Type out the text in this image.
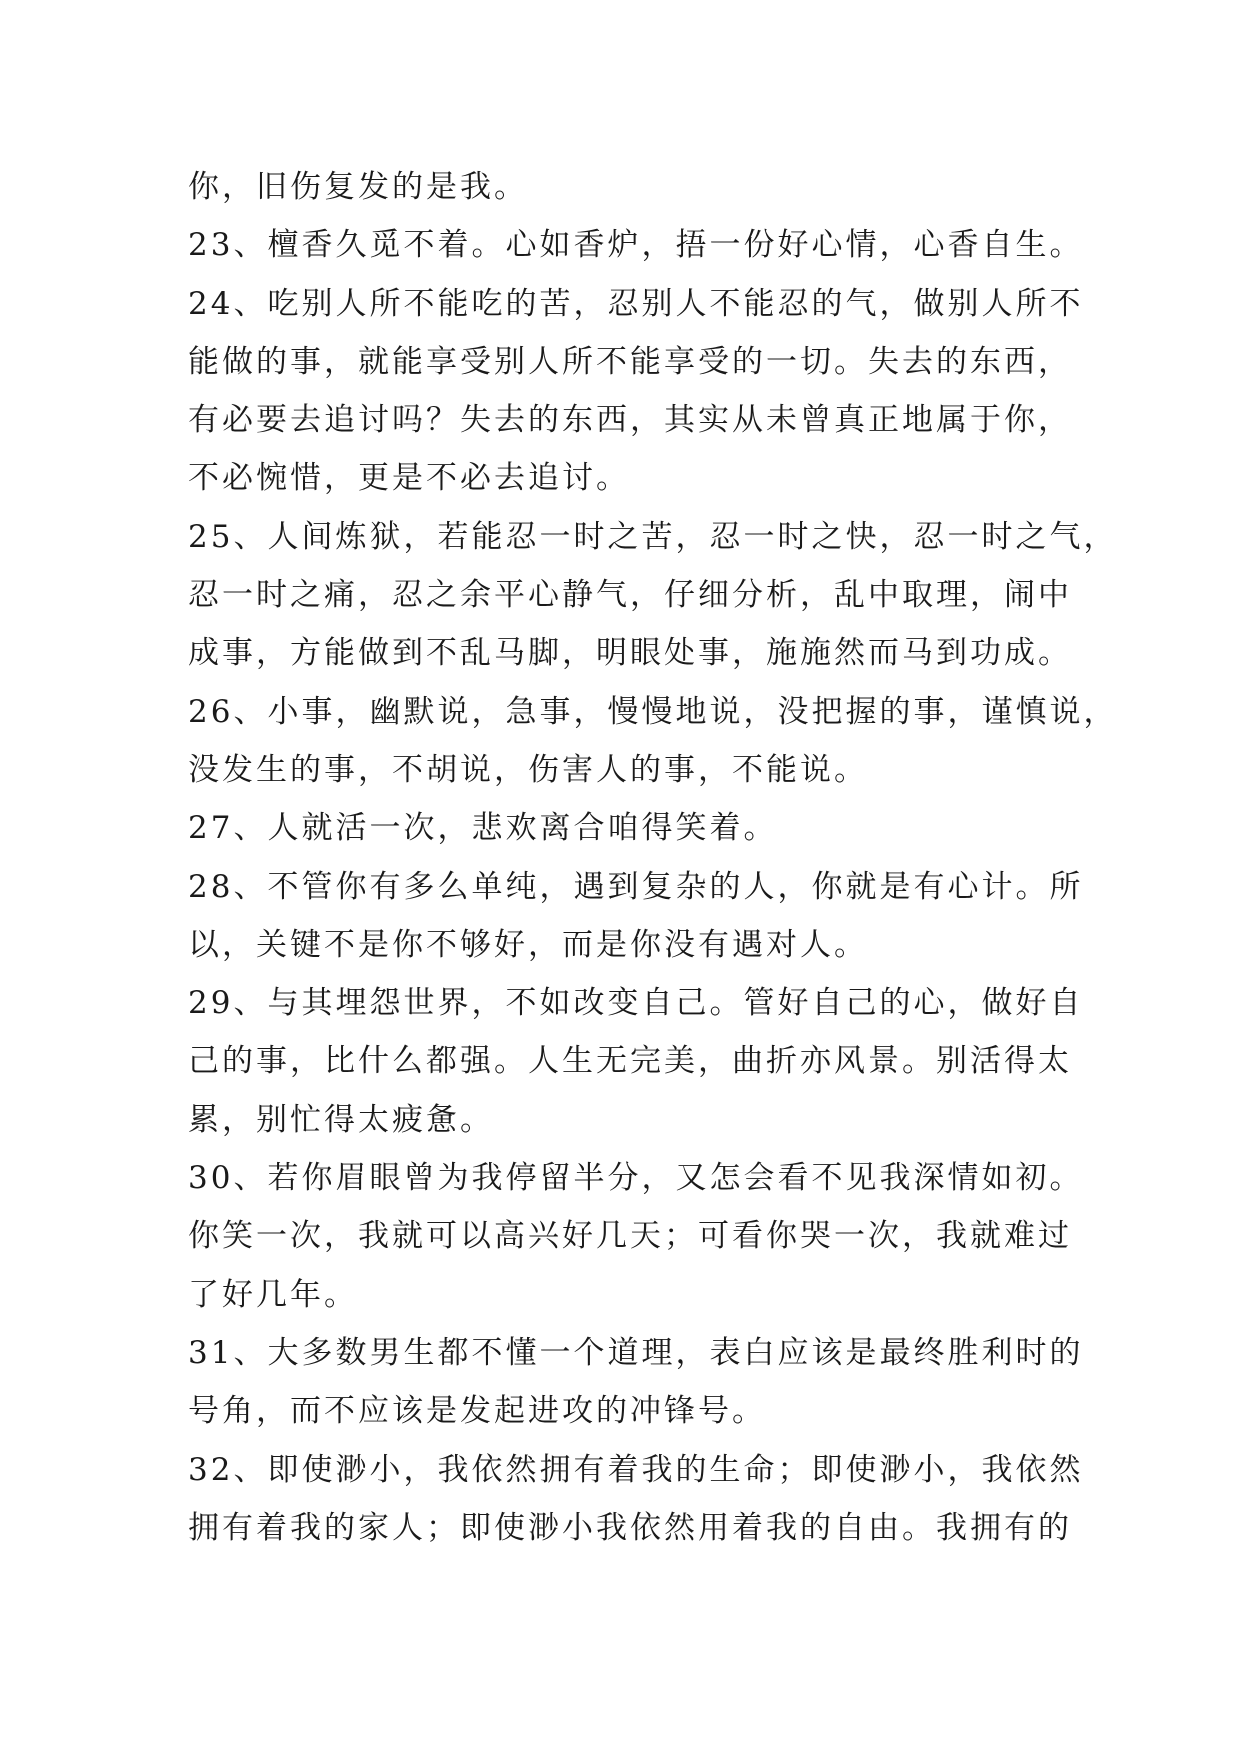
你，旧伤复发的是我。
23、檀香久觅不着。心如香炉，捂一份好心情，心香自生。
24、吃别人所不能吃的苦，忍别人不能忍的气，做别人所不
能做的事，就能享受别人所不能享受的一切。失去的东西，
有必要去追讨吗？失去的东西，其实从未曾真正地属于你，
不必惋惜，更是不必去追讨。
25、人间炼狱，若能忍一时之苦，忍一时之快，忍一时之气，
忍一时之痛，忍之余平心静气，仔细分析，乱中取理，闹中
成事，方能做到不乱马脚，明眼处事，施施然而马到功成。
26、小事，幽默说，急事，慢慢地说，没把握的事，谨慎说，
没发生的事，不胡说，伤害人的事，不能说。
27、人就活一次，悲欢离合咱得笑着。
28、不管你有多么单纯，遇到复杂的人，你就是有心计。所
以，关键不是你不够好，而是你没有遇对人。
29、与其埋怨世界，不如改变自己。管好自己的心，做好自
己的事，比什么都强。人生无完美，曲折亦风景。别活得太
累，别忙得太疲惫。
30、若你眉眼曾为我停留半分，又怎会看不见我深情如初。
你笑一次，我就可以高兴好几天；可看你哭一次，我就难过
了好几年。
31、大多数男生都不懂一个道理，表白应该是最终胜利时的
号角，而不应该是发起进攻的冲锋号。
32、即使渺小，我依然拥有着我的生命；即使渺小，我依然
拥有着我的家人；即使渺小我依然用着我的自由。我拥有的
